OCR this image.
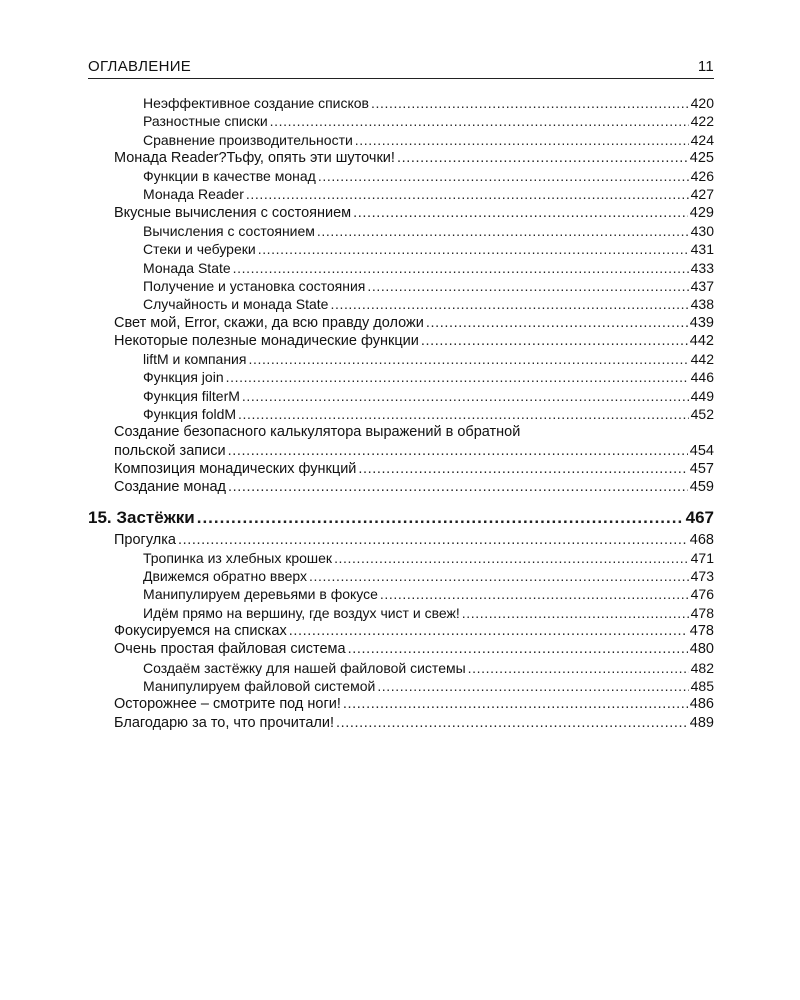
ОГЛАВЛЕНИЕ	11
Неэффективное создание списков .....	420
Разностные списки .....	422
Сравнение производительности .....	424
Монада Reader?Тьфу, опять эти шуточки! .....	425
Функции в качестве монад .....	426
Монада Reader .....	427
Вкусные вычисления с состоянием .....	429
Вычисления с состоянием .....	430
Стеки и чебуреки .....	431
Монада State .....	433
Получение и установка состояния .....	437
Случайность и монада State .....	438
Свет мой, Error, скажи, да всю правду доложи .....	439
Некоторые полезные монадические функции .....	442
liftM и компания .....	442
Функция join .....	446
Функция filterM .....	449
Функция foldM .....	452
Создание безопасного калькулятора выражений в обратной
польской записи .....	454
Композиция монадических функций .....	457
Создание монад .....	459
15. Застёжки .....	467
Прогулка .....	468
Тропинка из хлебных крошек .....	471
Движемся обратно вверх .....	473
Манипулируем деревьями в фокусе .....	476
Идём прямо на вершину, где воздух чист и свеж! .....	478
Фокусируемся на списках .....	478
Очень простая файловая система .....	480
Создаём застёжку для нашей файловой системы .....	482
Манипулируем файловой системой .....	485
Осторожнее – смотрите под ноги! .....	486
Благодарю за то, что прочитали! .....	489
